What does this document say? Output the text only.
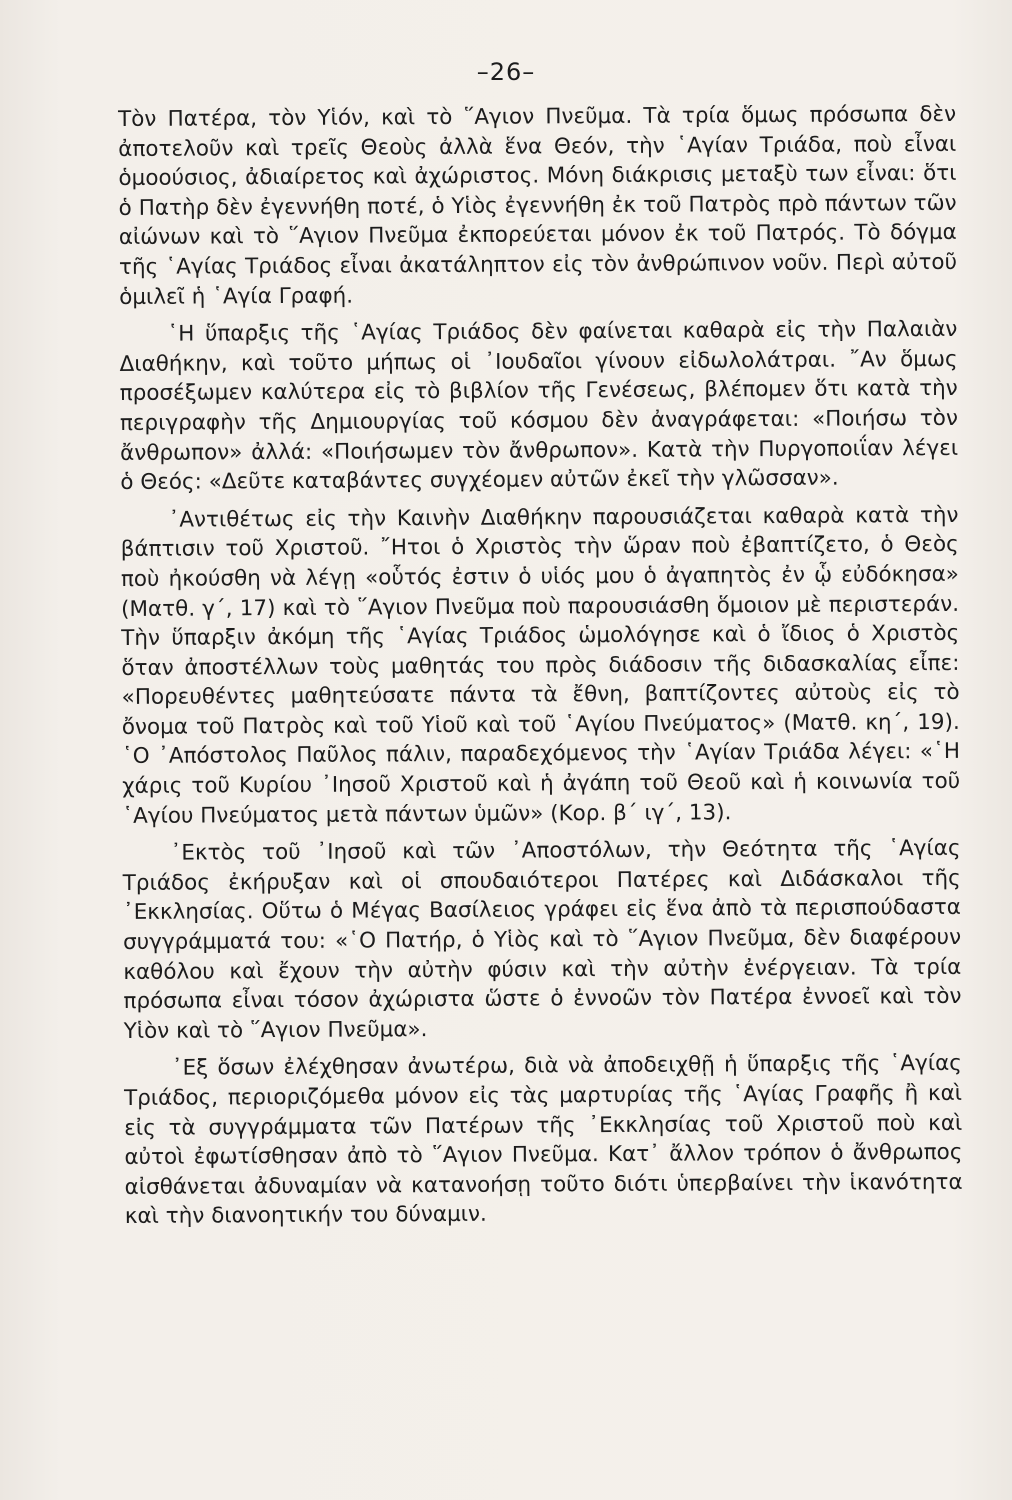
–26–

Τὸν Πατέρα, τὸν Υἱόν, καὶ τὸ ῞Αγιον Πνεῦμα. Τὰ τρία ὅμως πρόσωπα δὲν ἀποτελοῦν καὶ τρεῖς Θεοὺς ἀλλὰ ἕνα Θεόν, τὴν ῾Αγίαν Τριάδα, ποὺ εἶναι ὁμοούσιος, ἀδιαίρετος καὶ ἀχώριστος. Μόνη διάκρισις μεταξὺ των εἶναι: ὅτι ὁ Πατὴρ δὲν ἐγεννήθη ποτέ, ὁ Υἱὸς ἐγεννήθη ἐκ τοῦ Πατρὸς πρὸ πάντων τῶν αἰώνων καὶ τὸ ῞Αγιον Πνεῦμα ἐκπορεύεται μόνον ἐκ τοῦ Πατρός. Τὸ δόγμα τῆς ῾Αγίας Τριάδος εἶναι ἀκατάληπτον εἰς τὸν ἀνθρώπινον νοῦν. Περὶ αὐτοῦ ὁμιλεῖ ἡ ῾Αγία Γραφή.

῾Η ὕπαρξις τῆς ῾Αγίας Τριάδος δὲν φαίνεται καθαρὰ εἰς τὴν Παλαιὰν Διαθήκην, καὶ τοῦτο μήπως οἱ ᾿Ιουδαῖοι γίνουν εἰδωλολάτραι. ῎Αν ὅμως προσέξωμεν καλύτερα εἰς τὸ βιβλίον τῆς Γενέσεως, βλέπομεν ὅτι κατὰ τὴν περιγραφὴν τῆς Δημιουργίας τοῦ κόσμου δὲν ἀναγράφεται: «Ποιήσω τὸν ἄνθρωπον» ἀλλά: «Ποιήσωμεν τὸν ἄνθρωπον». Κατὰ τὴν Πυργοποιΐαν λέγει ὁ Θεός: «Δεῦτε καταβάντες συγχέομεν αὐτῶν ἐκεῖ τὴν γλῶσσαν».

᾿Αντιθέτως εἰς τὴν Καινὴν Διαθήκην παρουσιάζεται καθαρὰ κατὰ τὴν βάπτισιν τοῦ Χριστοῦ. ῎Ητοι ὁ Χριστὸς τὴν ὥραν ποὺ ἐβαπτίζετο, ὁ Θεὸς ποὺ ἠκούσθη νὰ λέγῃ «οὗτός ἐστιν ὁ υἱός μου ὁ ἀγαπητὸς ἐν ᾧ εὐδόκησα» (Ματθ. γ΄, 17) καὶ τὸ ῞Αγιον Πνεῦμα ποὺ παρουσιάσθη ὅμοιον μὲ περιστεράν. Τὴν ὕπαρξιν ἀκόμη τῆς ῾Αγίας Τριάδος ὡμολόγησε καὶ ὁ ἴδιος ὁ Χριστὸς ὅταν ἀποστέλλων τοὺς μαθητάς του πρὸς διάδοσιν τῆς διδασκαλίας εἶπε: «Πορευθέντες μαθητεύσατε πάντα τὰ ἔθνη, βαπτίζοντες αὐτοὺς εἰς τὸ ὄνομα τοῦ Πατρὸς καὶ τοῦ Υἱοῦ καὶ τοῦ ῾Αγίου Πνεύματος» (Ματθ. κη΄, 19). ῾Ο ᾿Απόστολος Παῦλος πάλιν, παραδεχόμενος τὴν ῾Αγίαν Τριάδα λέγει: «῾Η χάρις τοῦ Κυρίου ᾿Ιησοῦ Χριστοῦ καὶ ἡ ἀγάπη τοῦ Θεοῦ καὶ ἡ κοινωνία τοῦ ῾Αγίου Πνεύματος μετὰ πάντων ὑμῶν» (Κορ. β΄ ιγ΄, 13).

᾿Εκτὸς τοῦ ᾿Ιησοῦ καὶ τῶν ᾿Αποστόλων, τὴν Θεότητα τῆς ῾Αγίας Τριάδος ἐκήρυξαν καὶ οἱ σπουδαιότεροι Πατέρες καὶ Διδάσκαλοι τῆς ᾿Εκκλησίας. Οὕτω ὁ Μέγας Βασίλειος γράφει εἰς ἕνα ἀπὸ τὰ περισπούδαστα συγγράμματά του: «῾Ο Πατήρ, ὁ Υἱὸς καὶ τὸ ῞Αγιον Πνεῦμα, δὲν διαφέρουν καθόλου καὶ ἔχουν τὴν αὐτὴν φύσιν καὶ τὴν αὐτὴν ἐνέργειαν. Τὰ τρία πρόσωπα εἶναι τόσον ἀχώριστα ὥστε ὁ ἐννοῶν τὸν Πατέρα ἐννοεῖ καὶ τὸν Υἱὸν καὶ τὸ ῞Αγιον Πνεῦμα».

᾿Εξ ὅσων ἐλέχθησαν ἀνωτέρω, διὰ νὰ ἀποδειχθῇ ἡ ὕπαρξις τῆς ῾Αγίας Τριάδος, περιοριζόμεθα μόνον εἰς τὰς μαρτυρίας τῆς ῾Αγίας Γραφῆς ἢ καὶ εἰς τὰ συγγράμματα τῶν Πατέρων τῆς ᾿Εκκλησίας τοῦ Χριστοῦ ποὺ καὶ αὐτοὶ ἐφωτίσθησαν ἀπὸ τὸ ῞Αγιον Πνεῦμα. Κατ᾿ ἄλλον τρόπον ὁ ἄνθρωπος αἰσθάνεται ἀδυναμίαν νὰ κατανοήσῃ τοῦτο διότι ὑπερβαίνει τὴν ἱκανότητα καὶ τὴν διανοητικήν του δύναμιν.
